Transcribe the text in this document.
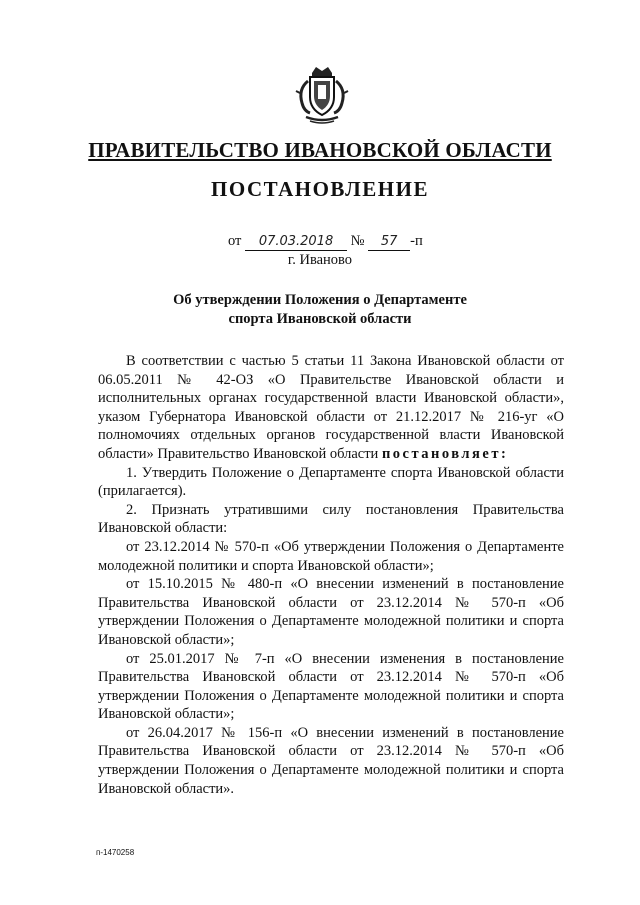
ПРАВИТЕЛЬСТВО ИВАНОВСКОЙ ОБЛАСТИ
ПОСТАНОВЛЕНИЕ
от 07.03.2018 № 57 -п
г. Иваново
Об утверждении Положения о Департаменте спорта Ивановской области

В соответствии с частью 5 статьи 11 Закона Ивановской области от 06.05.2011 № 42-ОЗ «О Правительстве Ивановской области и исполнительных органах государственной власти Ивановской области», указом Губернатора Ивановской области от 21.12.2017 № 216-уг «О полномочиях отдельных органов государственной власти Ивановской области» Правительство Ивановской области постановляет:

1. Утвердить Положение о Департаменте спорта Ивановской области (прилагается).

2. Признать утратившими силу постановления Правительства Ивановской области:

от 23.12.2014 № 570-п «Об утверждении Положения о Департаменте молодежной политики и спорта Ивановской области»;

от 15.10.2015 № 480-п «О внесении изменений в постановление Правительства Ивановской области от 23.12.2014 № 570-п «Об утверждении Положения о Департаменте молодежной политики и спорта Ивановской области»;

от 25.01.2017 № 7-п «О внесении изменения в постановление Правительства Ивановской области от 23.12.2014 № 570-п «Об утверждении Положения о Департаменте молодежной политики и спорта Ивановской области»;

от 26.04.2017 № 156-п «О внесении изменений в постановление Правительства Ивановской области от 23.12.2014 № 570-п «Об утверждении Положения о Департаменте молодежной политики и спорта Ивановской области».

п-1470258
